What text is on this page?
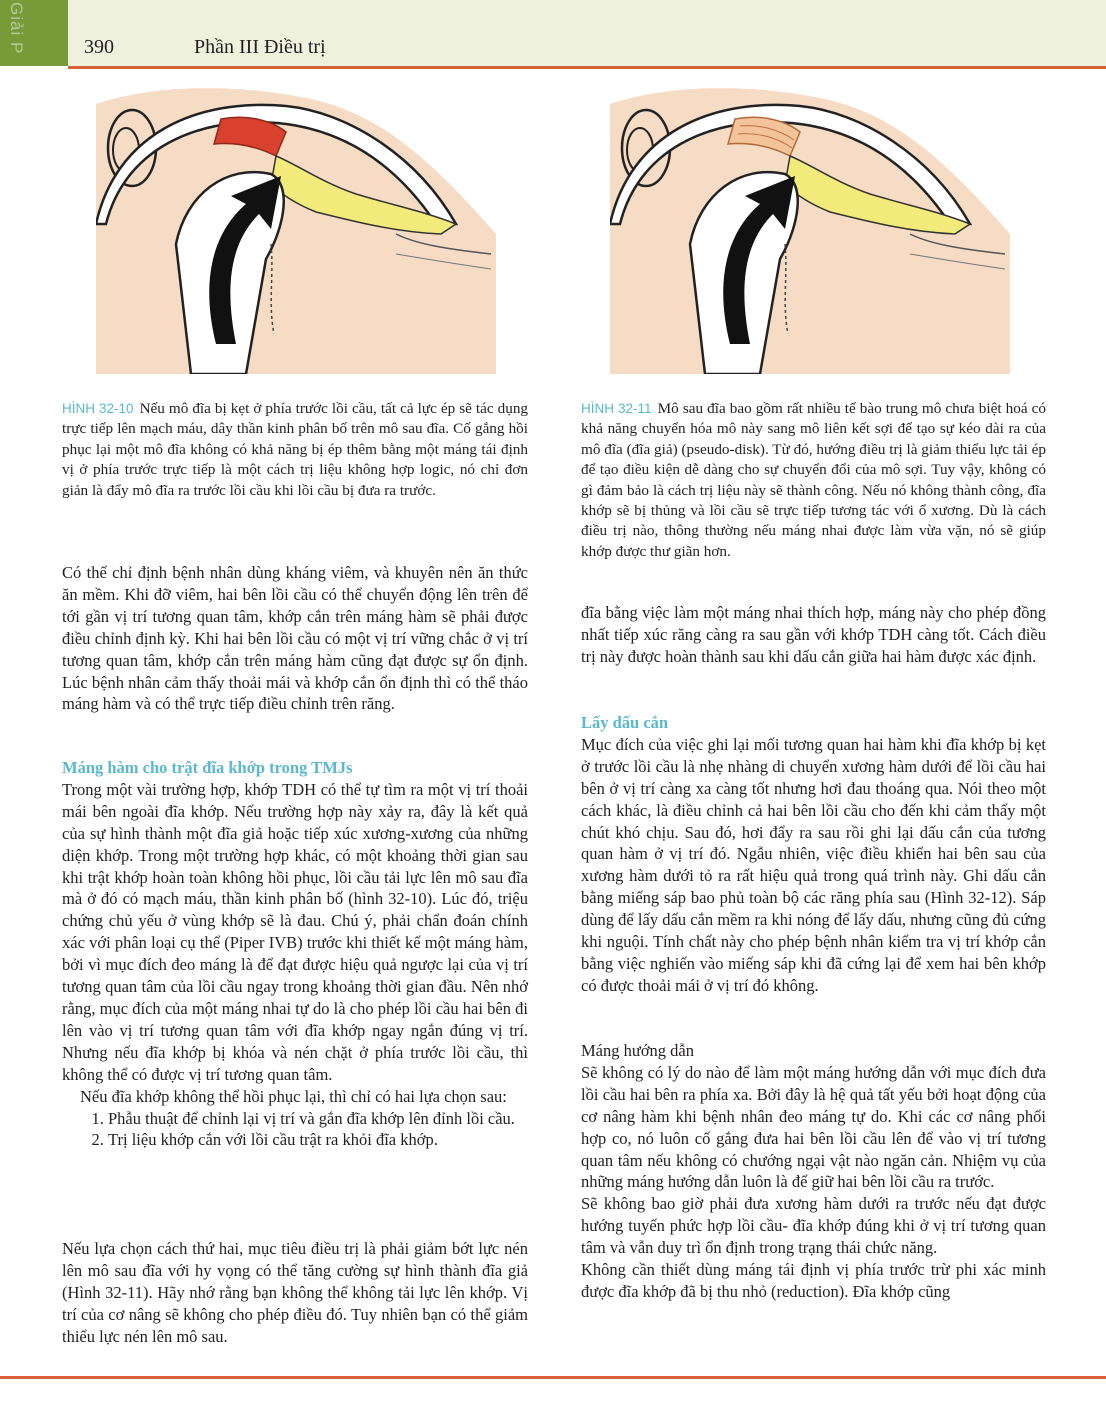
Giải P	390	Phần III Điều trị
HÌNH 32-10 Nếu mô đĩa bị kẹt ở phía trước lồi cầu, tất cả lực ép sẽ tác dụng trực tiếp lên mạch máu, dây thần kinh phân bố trên mô sau đĩa. Cố gắng hồi phục lại một mô đĩa không có khả năng bị ép thêm bằng một máng tái định vị ở phía trước trực tiếp là một cách trị liệu không hợp logic, nó chỉ đơn giản là đẩy mô đĩa ra trước lồi cầu khi lồi cầu bị đưa ra trước.
HÌNH 32-11 Mô sau đĩa bao gồm rất nhiều tế bào trung mô chưa biệt hoá có khả năng chuyển hóa mô này sang mô liên kết sợi để tạo sự kéo dài ra của mô đĩa (đĩa giả) (pseudo-disk). Từ đó, hướng điều trị là giảm thiểu lực tải ép để tạo điều kiện dễ dàng cho sự chuyển đổi của mô sợi. Tuy vậy, không có gì đảm bảo là cách trị liệu này sẽ thành công. Nếu nó không thành công, đĩa khớp sẽ bị thủng và lồi cầu sẽ trực tiếp tương tác với ổ xương. Dù là cách điều trị nào, thông thường nếu máng nhai được làm vừa vặn, nó sẽ giúp khớp được thư giãn hơn.

Có thể chỉ định bệnh nhân dùng kháng viêm, và khuyên nên ăn thức ăn mềm. Khi đỡ viêm, hai bên lồi cầu có thể chuyển động lên trên để tới gần vị trí tương quan tâm, khớp cắn trên máng hàm sẽ phải được điều chỉnh định kỳ. Khi hai bên lồi cầu có một vị trí vững chắc ở vị trí tương quan tâm, khớp cắn trên máng hàm cũng đạt được sự ổn định. Lúc bệnh nhân cảm thấy thoải mái và khớp cắn ổn định thì có thể tháo máng hàm và có thể trực tiếp điều chỉnh trên răng.

Máng hàm cho trật đĩa khớp trong TMJs

Trong một vài trường hợp, khớp TDH có thể tự tìm ra một vị trí thoải mái bên ngoài đĩa khớp. Nếu trường hợp này xảy ra, đây là kết quả của sự hình thành một đĩa giả hoặc tiếp xúc xương-xương của những diện khớp. Trong một trường hợp khác, có một khoảng thời gian sau khi trật khớp hoàn toàn không hồi phục, lồi cầu tải lực lên mô sau đĩa mà ở đó có mạch máu, thần kinh phân bố (hình 32-10). Lúc đó, triệu chứng chủ yếu ở vùng khớp sẽ là đau. Chú ý, phải chẩn đoán chính xác với phân loại cụ thể (Piper IVB) trước khi thiết kế một máng hàm, bởi vì mục đích đeo máng là để đạt được hiệu quả ngược lại của vị trí tương quan tâm của lồi cầu ngay trong khoảng thời gian đầu. Nên nhớ rằng, mục đích của một máng nhai tự do là cho phép lồi cầu hai bên đi lên vào vị trí tương quan tâm với đĩa khớp ngay ngắn đúng vị trí. Nhưng nếu đĩa khớp bị khóa và nén chặt ở phía trước lồi cầu, thì không thể có được vị trí tương quan tâm.

Nếu đĩa khớp không thể hồi phục lại, thì chỉ có hai lựa chọn sau:

1. Phẫu thuật để chỉnh lại vị trí và gắn đĩa khớp lên đỉnh lồi cầu.
2. Trị liệu khớp cắn với lồi cầu trật ra khỏi đĩa khớp.

Nếu lựa chọn cách thứ hai, mục tiêu điều trị là phải giảm bớt lực nén lên mô sau đĩa với hy vọng có thể tăng cường sự hình thành đĩa giả (Hình 32-11). Hãy nhớ rằng bạn không thể không tải lực lên khớp. Vị trí của cơ nâng sẽ không cho phép điều đó. Tuy nhiên bạn có thể giảm thiểu lực nén lên mô sau.

đĩa bằng việc làm một máng nhai thích hợp, máng này cho phép đồng nhất tiếp xúc răng càng ra sau gần với khớp TDH càng tốt. Cách điều trị này được hoàn thành sau khi dấu cắn giữa hai hàm được xác định.

Lấy dấu cắn

Mục đích của việc ghi lại mối tương quan hai hàm khi đĩa khớp bị kẹt ở trước lồi cầu là nhẹ nhàng di chuyển xương hàm dưới để lồi cầu hai bên ở vị trí càng xa càng tốt nhưng hơi đau thoáng qua. Nói theo một cách khác, là điều chỉnh cả hai bên lồi cầu cho đến khi cảm thấy một chút khó chịu. Sau đó, hơi đẩy ra sau rồi ghi lại dấu cắn của tương quan hàm ở vị trí đó. Ngẫu nhiên, việc điều khiển hai bên sau của xương hàm dưới tỏ ra rất hiệu quả trong quá trình này. Ghi dấu cắn bằng miếng sáp bao phủ toàn bộ các răng phía sau (Hình 32-12). Sáp dùng để lấy dấu cắn mềm ra khi nóng để lấy dấu, nhưng cũng đủ cứng khi nguội. Tính chất này cho phép bệnh nhân kiểm tra vị trí khớp cắn bằng việc nghiến vào miếng sáp khi đã cứng lại để xem hai bên khớp có được thoải mái ở vị trí đó không.

Máng hướng dẫn

Sẽ không có lý do nào để làm một máng hướng dẫn với mục đích đưa lồi cầu hai bên ra phía xa. Bởi đây là hệ quả tất yếu bởi hoạt động của cơ nâng hàm khi bệnh nhân đeo máng tự do. Khi các cơ nâng phối hợp co, nó luôn cố gắng đưa hai bên lồi cầu lên để vào vị trí tương quan tâm nếu không có chướng ngại vật nào ngăn cản. Nhiệm vụ của những máng hướng dẫn luôn là để giữ hai bên lồi cầu ra trước.

Sẽ không bao giờ phải đưa xương hàm dưới ra trước nếu đạt được hướng tuyến phức hợp lồi cầu- đĩa khớp đúng khi ở vị trí tương quan tâm và vẫn duy trì ổn định trong trạng thái chức năng.

Không cần thiết dùng máng tái định vị phía trước trừ phi xác minh được đĩa khớp đã bị thu nhỏ (reduction). Đĩa khớp cũng
